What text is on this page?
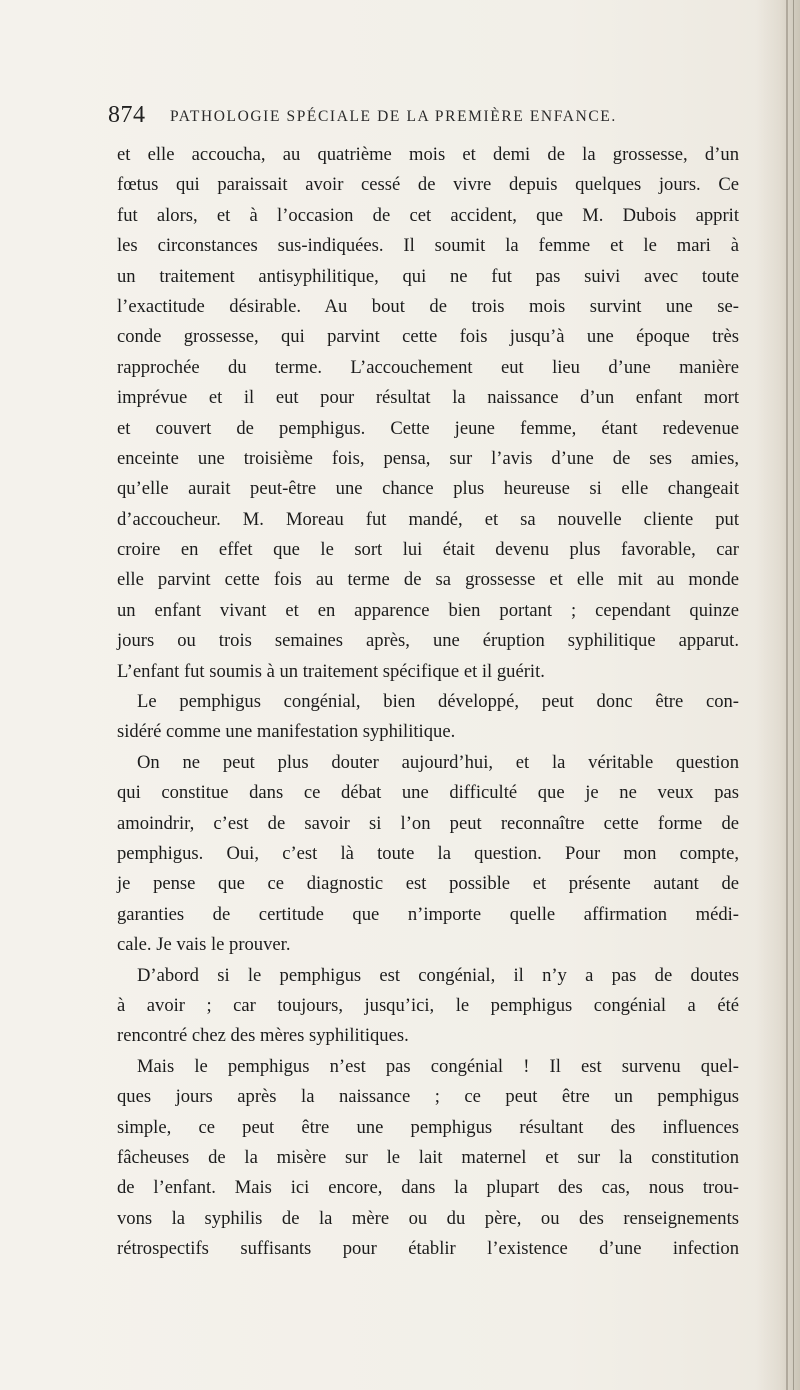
874 PATHOLOGIE SPÉCIALE DE LA PREMIÈRE ENFANCE.
et elle accoucha, au quatrième mois et demi de la grossesse, d’un
fœtus qui paraissait avoir cessé de vivre depuis quelques jours. Ce
fut alors, et à l’occasion de cet accident, que M. Dubois apprit
les circonstances sus-indiquées. Il soumit la femme et le mari à
un traitement antisyphilitique, qui ne fut pas suivi avec toute
l’exactitude désirable. Au bout de trois mois survint une se-
conde grossesse, qui parvint cette fois jusqu’à une époque très
rapprochée du terme. L’accouchement eut lieu d’une manière
imprévue et il eut pour résultat la naissance d’un enfant mort
et couvert de pemphigus. Cette jeune femme, étant redevenue
enceinte une troisième fois, pensa, sur l’avis d’une de ses amies,
qu’elle aurait peut-être une chance plus heureuse si elle changeait
d’accoucheur. M. Moreau fut mandé, et sa nouvelle cliente put
croire en effet que le sort lui était devenu plus favorable, car
elle parvint cette fois au terme de sa grossesse et elle mit au monde
un enfant vivant et en apparence bien portant ; cependant quinze
jours ou trois semaines après, une éruption syphilitique apparut.
L’enfant fut soumis à un traitement spécifique et il guérit.
Le pemphigus congénial, bien développé, peut donc être con-
sidéré comme une manifestation syphilitique.
On ne peut plus douter aujourd’hui, et la véritable question
qui constitue dans ce débat une difficulté que je ne veux pas
amoindrir, c’est de savoir si l’on peut reconnaître cette forme de
pemphigus. Oui, c’est là toute la question. Pour mon compte,
je pense que ce diagnostic est possible et présente autant de
garanties de certitude que n’importe quelle affirmation médi-
cale. Je vais le prouver.
D’abord si le pemphigus est congénial, il n’y a pas de doutes
à avoir ; car toujours, jusqu’ici, le pemphigus congénial a été
rencontré chez des mères syphilitiques.
Mais le pemphigus n’est pas congénial ! Il est survenu quel-
ques jours après la naissance ; ce peut être un pemphigus
simple, ce peut être une pemphigus résultant des influences
fâcheuses de la misère sur le lait maternel et sur la constitution
de l’enfant. Mais ici encore, dans la plupart des cas, nous trou-
vons la syphilis de la mère ou du père, ou des renseignements
rétrospectifs suffisants pour établir l’existence d’une infection
